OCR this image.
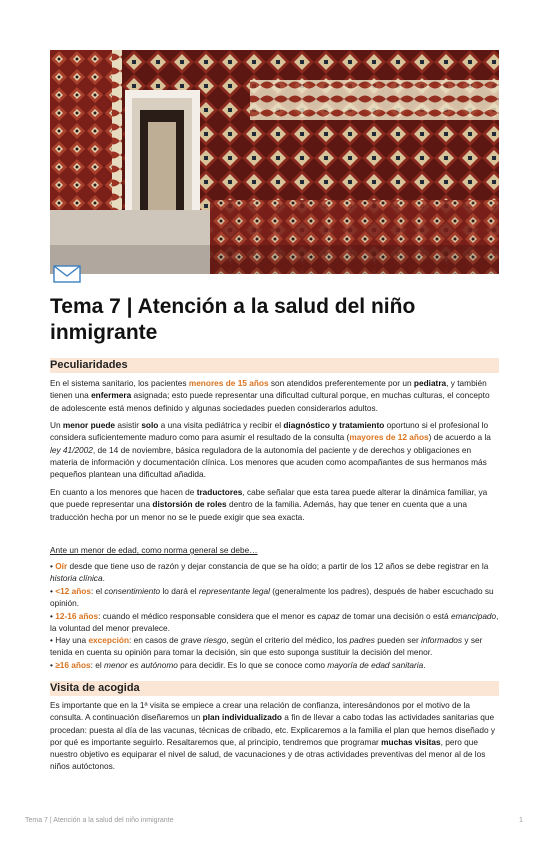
Tema 7 | Atención a la salud del niño inmigrante
Peculiaridades

En el sistema sanitario, los pacientes menores de 15 años son atendidos preferentemente por un pediatra, y también tienen una enfermera asignada; esto puede representar una dificultad cultural porque, en muchas culturas, el concepto de adolescente está menos definido y algunas sociedades pueden considerarlos adultos.

Un menor puede asistir solo a una visita pediátrica y recibir el diagnóstico y tratamiento oportuno si el profesional lo considera suficientemente maduro como para asumir el resultado de la consulta (mayores de 12 años) de acuerdo a la ley 41/2002, de 14 de noviembre, básica reguladora de la autonomía del paciente y de derechos y obligaciones en materia de información y documentación clínica. Los menores que acuden como acompañantes de sus hermanos más pequeños plantean una dificultad añadida.

En cuanto a los menores que hacen de traductores, cabe señalar que esta tarea puede alterar la dinámica familiar, ya que puede representar una distorsión de roles dentro de la familia. Además, hay que tener en cuenta que a una traducción hecha por un menor no se le puede exigir que sea exacta.

Ante un menor de edad, como norma general se debe…

• Oír desde que tiene uso de razón y dejar constancia de que se ha oído; a partir de los 12 años se debe registrar en la historia clínica.

• <12 años: el consentimiento lo dará el representante legal (generalmente los padres), después de haber escuchado su opinión.

• 12-16 años: cuando el médico responsable considera que el menor es capaz de tomar una decisión o está emancipado, la voluntad del menor prevalece.

• Hay una excepción: en casos de grave riesgo, según el criterio del médico, los padres pueden ser informados y ser tenida en cuenta su opinión para tomar la decisión, sin que esto suponga sustituir la decisión del menor.

• ≥16 años: el menor es autónomo para decidir. Es lo que se conoce como mayoría de edad sanitaria.

Visita de acogida

Es importante que en la 1ª visita se empiece a crear una relación de confianza, interesándonos por el motivo de la consulta. A continuación diseñaremos un plan individualizado a fin de llevar a cabo todas las actividades sanitarias que procedan: puesta al día de las vacunas, técnicas de cribado, etc. Explicaremos a la familia el plan que hemos diseñado y por qué es importante seguirlo. Resaltaremos que, al principio, tendremos que programar muchas visitas, pero que nuestro objetivo es equiparar el nivel de salud, de vacunaciones y de otras actividades preventivas del menor al de los niños autóctonos.

Tema 7 | Atención a la salud del niño inmigrante	1
